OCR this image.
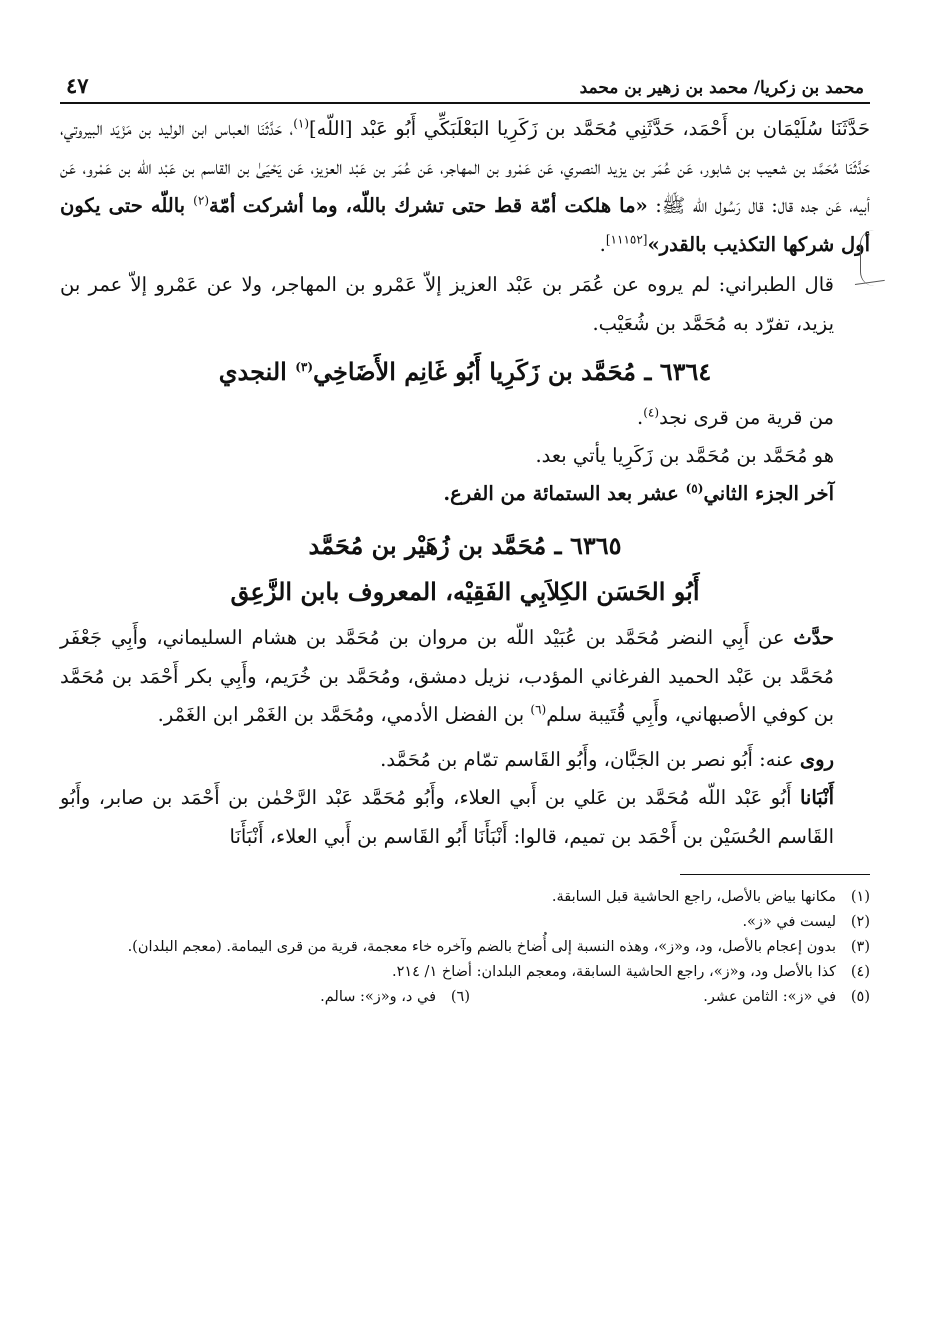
محمد بن زكريا/ محمد بن زهير بن محمد
٤٧

حَدَّثَنَا سُلَيْمَان بن أَحْمَد، حَدَّثَنِي مُحَمَّد بن زَكَرِيا البَعْلَبَكِّي أَبُو عَبْد [اللّه]$^{(١)}$، حَدَّثَنَا العباس ابن الوليد بن مَزْيَد البيروتي، حَدَّثَنَا مُحَمَّد بن شعيب بن شابور، عَن عُمَر بن يزيد النصري، عَن عَمْرو بن المهاجر، عَن عُمَر بن عَبْد العزيز، عَن يَحْيَىٰ بن القاسم بن عَبْد اللّه بن عَمْرو، عَن أبيه، عَن جده قال: قال رَسُول اللّه ﷺ: «ما هلكت أمّة قط حتى تشرك باللّه، وما أشركت أمّة$^{(٢)}$ باللّه حتى يكون أول شركها التكذيب بالقدر»[١١١٥٢].

قال الطبراني: لم يروه عن عُمَر بن عَبْد العزيز إلاّ عَمْرو بن المهاجر، ولا عن عَمْرو إلاّ عمر بن يزيد، تفرّد به مُحَمَّد بن شُعَيْب.

٦٣٦٤ ـ مُحَمَّد بن زَكَرِيا أَبُو غَانِم الأَضَاخِي$^{(٣)}$ النجدي

من قرية من قرى نجد$^{(٤)}$.

هو مُحَمَّد بن مُحَمَّد بن زَكَرِيا يأتي بعد.

آخر الجزء الثاني$^{(٥)}$ عشر بعد الستمائة من الفرع.

٦٣٦٥ ـ مُحَمَّد بن زُهَيْر بن مُحَمَّد
أَبُو الحَسَن الكِلاَبِي الفَقِيْه، المعروف بابن الزَّعِق

حدَّث عن أَبِي النضر مُحَمَّد بن عُبَيْد اللّه بن مروان بن مُحَمَّد بن هشام السليماني، وأَبِي جَعْفَر مُحَمَّد بن عَبْد الحميد الفرغاني المؤدب، نزيل دمشق، ومُحَمَّد بن خُرَيم، وأَبِي بكر أَحْمَد بن مُحَمَّد بن كوفي الأصبهاني، وأَبِي قُتَيبة سلم$^{(٦)}$ بن الفضل الأدمي، ومُحَمَّد بن الغَمْر ابن الغَمْر.

روى عنه: أَبُو نصر بن الجَبَّان، وأَبُو القَاسم تمّام بن مُحَمَّد.

أَنْبَانا أَبُو عَبْد اللّه مُحَمَّد بن عَلي بن أَبي العلاء، وأَبُو مُحَمَّد عَبْد الرَّحْمٰن بن أَحْمَد بن صابر، وأَبُو القَاسم الحُسَيْن بن أَحْمَد بن تميم، قالوا: أَنْبَأَنَا أَبُو القَاسم بن أَبي العلاء، أَنْبَأَنَا

(١)
مكانها بياض بالأصل، راجع الحاشية قبل السابقة.

(٢)
ليست في «ز».

(٣)
بدون إعجام بالأصل، ود، و«ز»، وهذه النسبة إلى أُضاخ بالضم وآخره خاء معجمة، قرية من قرى اليمامة. (معجم البلدان).

(٤)
كذا بالأصل ود، و«ز»، راجع الحاشية السابقة، ومعجم البلدان: أضاخ ١/ ٢١٤.

(٥)
في «ز»: الثامن عشر.
(٦)
في د، و«ز»: سالم.
